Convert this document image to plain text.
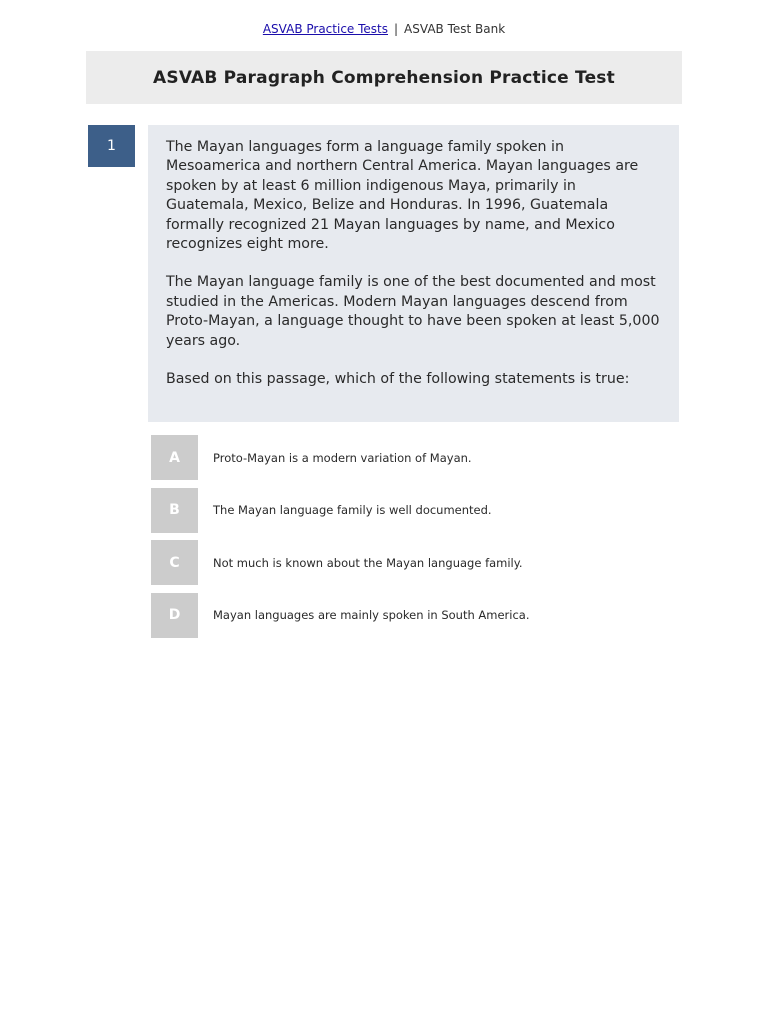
ASVAB Practice Tests | ASVAB Test Bank
ASVAB Paragraph Comprehension Practice Test
1	The Mayan languages form a language family spoken in Mesoamerica and northern Central America. Mayan languages are spoken by at least 6 million indigenous Maya, primarily in Guatemala, Mexico, Belize and Honduras. In 1996, Guatemala formally recognized 21 Mayan languages by name, and Mexico recognizes eight more.

The Mayan language family is one of the best documented and most studied in the Americas. Modern Mayan languages descend from Proto-Mayan, a language thought to have been spoken at least 5,000 years ago.

Based on this passage, which of the following statements is true:

A	Proto-Mayan is a modern variation of Mayan.
B	The Mayan language family is well documented.
C	Not much is known about the Mayan language family.
D	Mayan languages are mainly spoken in South America.
